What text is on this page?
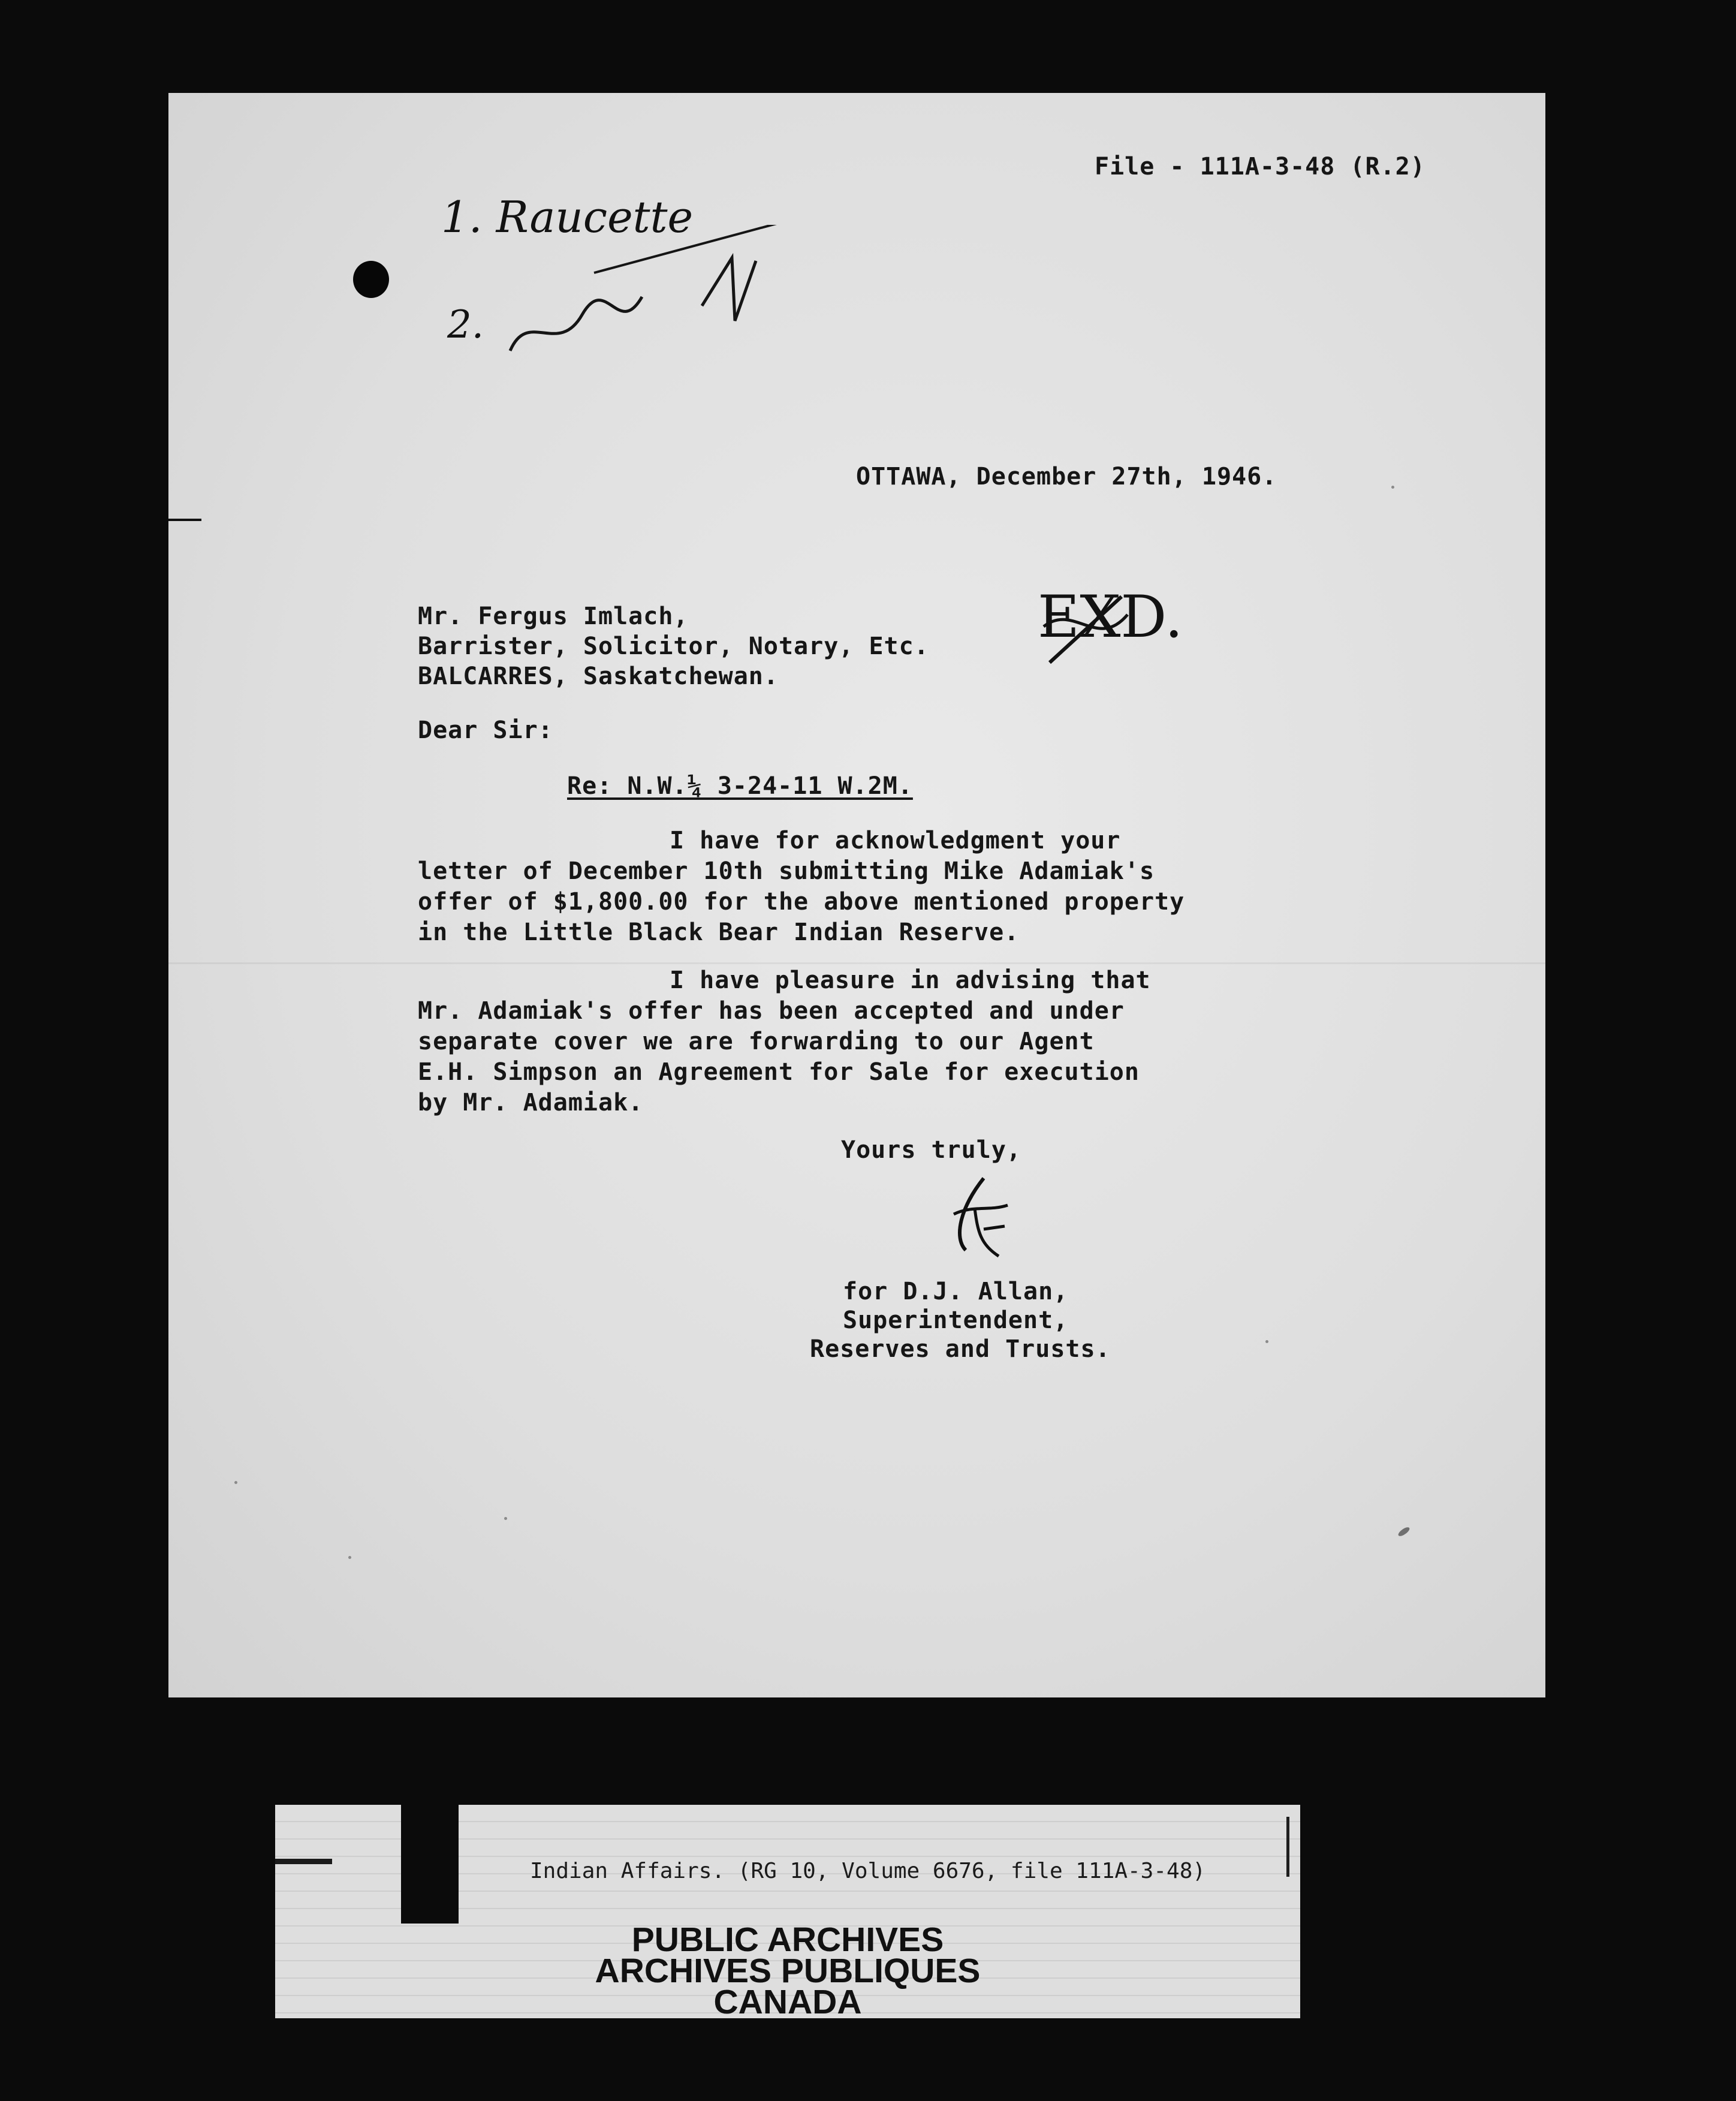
File - 111A-3-48 (R.2)

1. Raucette
2.

OTTAWA, December 27th, 1946.

Mr. Fergus Imlach,

Barrister, Solicitor, Notary, Etc.

BALCARRES, Saskatchewan.

EXD.

Dear Sir:

Re: N.W.¼ 3-24-11 W.2M.

I have for acknowledgment your

letter of December 10th submitting Mike Adamiak's

offer of $1,800.00 for the above mentioned property

in the Little Black Bear Indian Reserve.

I have pleasure in advising that

Mr. Adamiak's offer has been accepted and under

separate cover we are forwarding to our Agent

E.H. Simpson an Agreement for Sale for execution

by Mr. Adamiak.

Yours truly,

for D.J. Allan,

Superintendent,

Reserves and Trusts.

Indian Affairs. (RG 10, Volume 6676, file 111A-3-48)

PUBLIC ARCHIVES

ARCHIVES PUBLIQUES

CANADA
